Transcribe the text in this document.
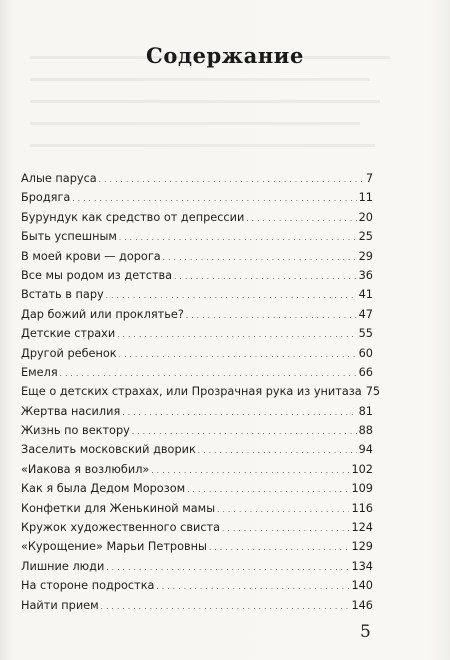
Содержание
Алые паруса . . .	7
Бродяга . . .	11
Бурундук как средство от депрессии . . .	20
Быть успешным . . .	25
В моей крови — дорога . . .	29
Все мы родом из детства . . .	36
Встать в пару . . .	41
Дар божий или проклятье? . . .	47
Детские страхи . . .	55
Другой ребенок . . .	60
Емеля . . .	66
Еще о детских страхах, или Прозрачная рука из унитаза 75
Жертва насилия . . .	81
Жизнь по вектору . . .	88
Заселить московский дворик . . .	94
«Иакова я возлюбил» . . .	102
Как я была Дедом Морозом . . .	109
Конфетки для Женькиной мамы . . .	116
Кружок художественного свиста . . .	124
«Курощение» Марьи Петровны . . .	129
Лишние люди . . .	134
На стороне подростка . . .	140
Найти прием . . .	146
5
